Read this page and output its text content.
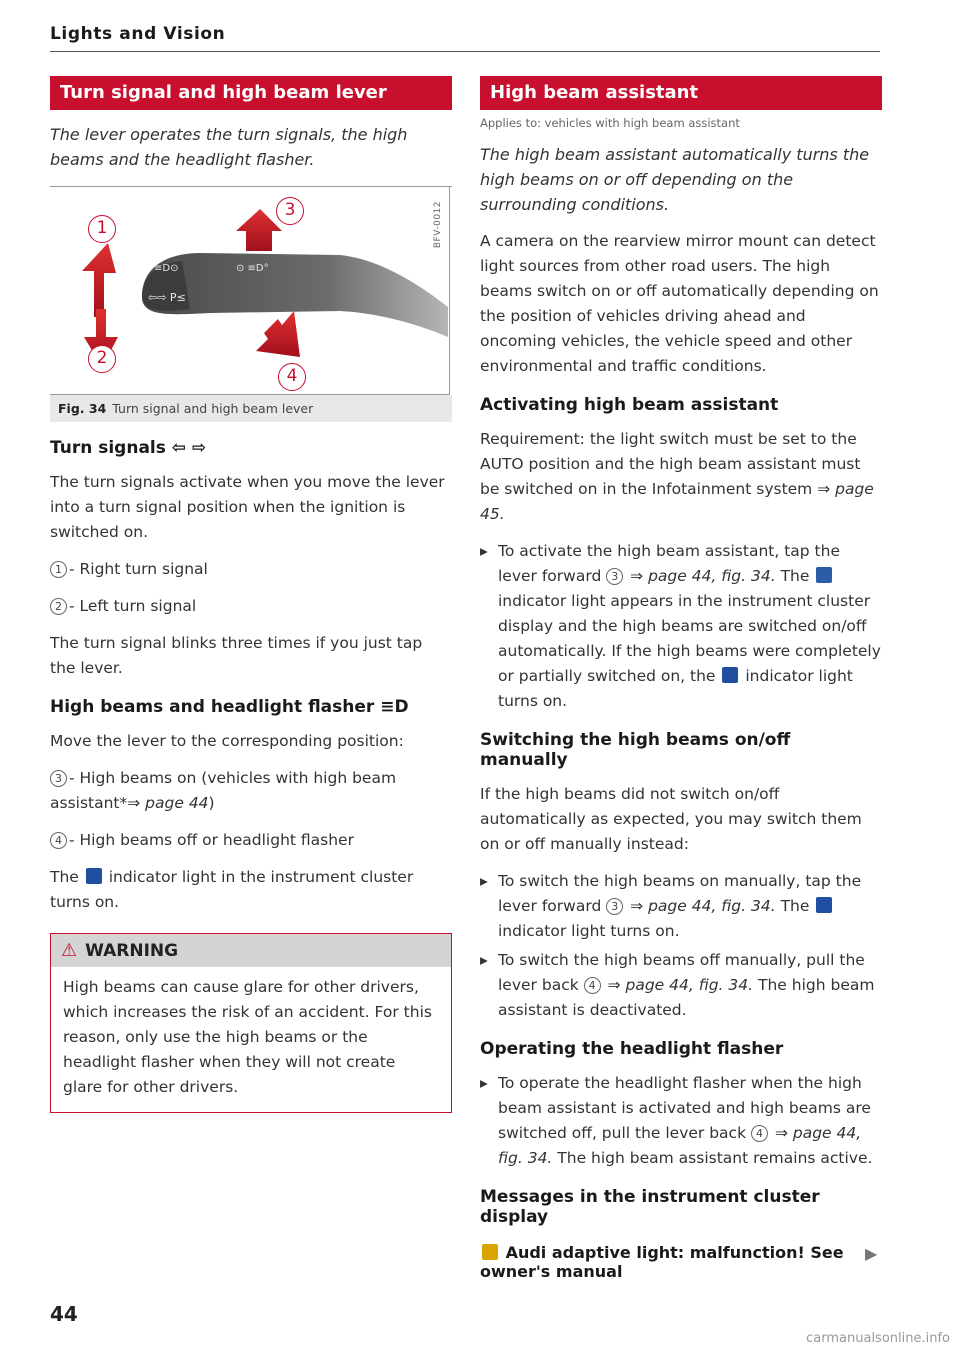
Lights and Vision
Turn signal and high beam lever
The lever operates the turn signals, the high beams and the headlight flasher.
≡D⊙	⊙ ≡D°
⇦⇨ P≤
1
2
3
4
BFV-0012
Fig. 34 Turn signal and high beam lever
Turn signals ⇦ ⇨

The turn signals activate when you move the lever into a turn signal position when the ignition is switched on.

1 - Right turn signal

2 - Left turn signal

The turn signal blinks three times if you just tap the lever.

High beams and headlight flasher ≡D

Move the lever to the corresponding position:

3 - High beams on (vehicles with high beam assistant*⇒ page 44)

4 - High beams off or headlight flasher

The indicator light in the instrument cluster turns on.

⚠ WARNING
High beams can cause glare for other drivers, which increases the risk of an accident. For this reason, only use the high beams or the headlight flasher when they will not create glare for other drivers.
High beam assistant
Applies to: vehicles with high beam assistant
The high beam assistant automatically turns the high beams on or off depending on the surrounding conditions.

A camera on the rearview mirror mount can detect light sources from other road users. The high beams switch on or off automatically depending on the position of vehicles driving ahead and oncoming vehicles, the vehicle speed and other environmental and traffic conditions.

Activating high beam assistant

Requirement: the light switch must be set to the AUTO position and the high beam assistant must be switched on in the Infotainment system ⇒ page 45.

▸ To activate the high beam assistant, tap the lever forward 3 ⇒ page 44, fig. 34. The  indicator light appears in the instrument cluster display and the high beams are switched on/off automatically. If the high beams were completely or partially switched on, the indicator light turns on.

Switching the high beams on/off manually

If the high beams did not switch on/off automatically as expected, you may switch them on or off manually instead:

▸ To switch the high beams on manually, tap the lever forward 3 ⇒ page 44, fig. 34. The  indicator light turns on.

▸ To switch the high beams off manually, pull the lever back 4 ⇒ page 44, fig. 34. The high beam assistant is deactivated.

Operating the headlight flasher

▸ To operate the headlight flasher when the high beam assistant is activated and high beams are switched off, pull the lever back 4 ⇒ page 44, fig. 34. The high beam assistant remains active.

Messages in the instrument cluster display
Audi adaptive light: malfunction! See owner's manual
▶
44
carmanualsonline.info
